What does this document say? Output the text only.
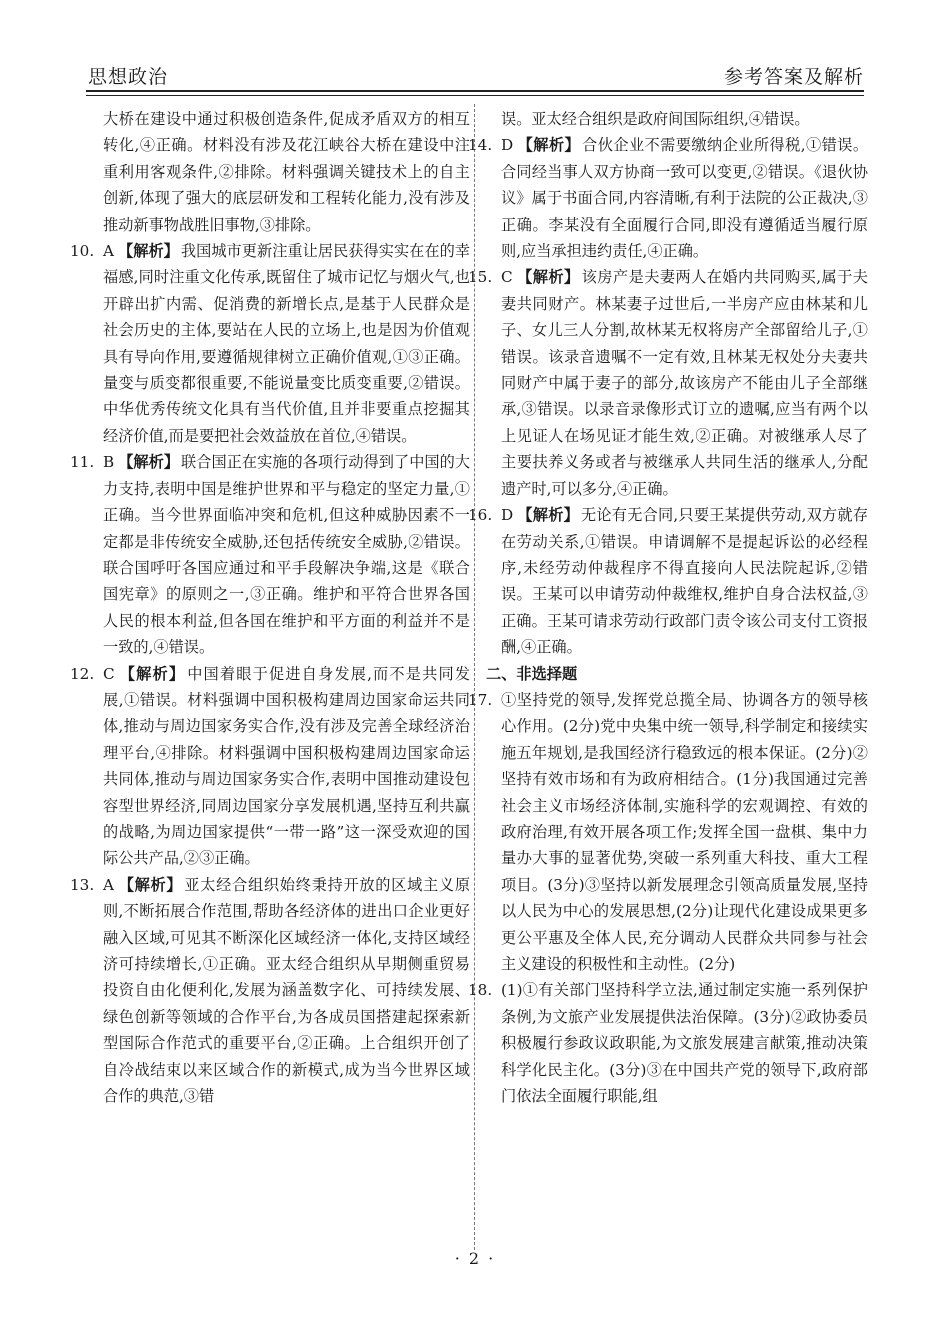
思想政治	参考答案及解析

大桥在建设中通过积极创造条件,促成矛盾双方的相互转化,④正确。材料没有涉及花江峡谷大桥在建设中注重利用客观条件,②排除。材料强调关键技术上的自主创新,体现了强大的底层研发和工程转化能力,没有涉及推动新事物战胜旧事物,③排除。

10. A 【解析】 我国城市更新注重让居民获得实实在在的幸福感,同时注重文化传承,既留住了城市记忆与烟火气,也开辟出扩内需、促消费的新增长点,是基于人民群众是社会历史的主体,要站在人民的立场上,也是因为价值观具有导向作用,要遵循规律树立正确价值观,①③正确。量变与质变都很重要,不能说量变比质变重要,②错误。中华优秀传统文化具有当代价值,且并非要重点挖掘其经济价值,而是要把社会效益放在首位,④错误。
11. B 【解析】 联合国正在实施的各项行动得到了中国的大力支持,表明中国是维护世界和平与稳定的坚定力量,①正确。当今世界面临冲突和危机,但这种威胁因素不一定都是非传统安全威胁,还包括传统安全威胁,②错误。联合国呼吁各国应通过和平手段解决争端,这是《联合国宪章》的原则之一,③正确。维护和平符合世界各国人民的根本利益,但各国在维护和平方面的利益并不是一致的,④错误。
12. C 【解析】 中国着眼于促进自身发展,而不是共同发展,①错误。材料强调中国积极构建周边国家命运共同体,推动与周边国家务实合作,没有涉及完善全球经济治理平台,④排除。材料强调中国积极构建周边国家命运共同体,推动与周边国家务实合作,表明中国推动建设包容型世界经济,同周边国家分享发展机遇,坚持互利共赢的战略,为周边国家提供“一带一路”这一深受欢迎的国际公共产品,②③正确。
13. A 【解析】 亚太经合组织始终秉持开放的区域主义原则,不断拓展合作范围,帮助各经济体的进出口企业更好融入区域,可见其不断深化区域经济一体化,支持区域经济可持续增长,①正确。亚太经合组织从早期侧重贸易投资自由化便利化,发展为涵盖数字化、可持续发展、绿色创新等领域的合作平台,为各成员国搭建起探索新型国际合作范式的重要平台,②正确。上合组织开创了自冷战结束以来区域合作的新模式,成为当今世界区域合作的典范,③错

误。亚太经合组织是政府间国际组织,④错误。

14. D 【解析】 合伙企业不需要缴纳企业所得税,①错误。合同经当事人双方协商一致可以变更,②错误。《退伙协议》属于书面合同,内容清晰,有利于法院的公正裁决,③正确。李某没有全面履行合同,即没有遵循适当履行原则,应当承担违约责任,④正确。
15. C 【解析】 该房产是夫妻两人在婚内共同购买,属于夫妻共同财产。林某妻子过世后,一半房产应由林某和儿子、女儿三人分割,故林某无权将房产全部留给儿子,①错误。该录音遗嘱不一定有效,且林某无权处分夫妻共同财产中属于妻子的部分,故该房产不能由儿子全部继承,③错误。以录音录像形式订立的遗嘱,应当有两个以上见证人在场见证才能生效,②正确。对被继承人尽了主要扶养义务或者与被继承人共同生活的继承人,分配遗产时,可以多分,④正确。
16. D 【解析】 无论有无合同,只要王某提供劳动,双方就存在劳动关系,①错误。申请调解不是提起诉讼的必经程序,未经劳动仲裁程序不得直接向人民法院起诉,②错误。王某可以申请劳动仲裁维权,维护自身合法权益,③正确。王某可请求劳动行政部门责令该公司支付工资报酬,④正确。

二、非选择题

17. ①坚持党的领导,发挥党总揽全局、协调各方的领导核心作用。(2分)党中央集中统一领导,科学制定和接续实施五年规划,是我国经济行稳致远的根本保证。(2分)②坚持有效市场和有为政府相结合。(1分)我国通过完善社会主义市场经济体制,实施科学的宏观调控、有效的政府治理,有效开展各项工作;发挥全国一盘棋、集中力量办大事的显著优势,突破一系列重大科技、重大工程项目。(3分)③坚持以新发展理念引领高质量发展,坚持以人民为中心的发展思想,(2分)让现代化建设成果更多更公平惠及全体人民,充分调动人民群众共同参与社会主义建设的积极性和主动性。(2分)
18. (1)①有关部门坚持科学立法,通过制定实施一系列保护条例,为文旅产业发展提供法治保障。(3分)②政协委员积极履行参政议政职能,为文旅发展建言献策,推动决策科学化民主化。(3分)③在中国共产党的领导下,政府部门依法全面履行职能,组
· 2 ·
